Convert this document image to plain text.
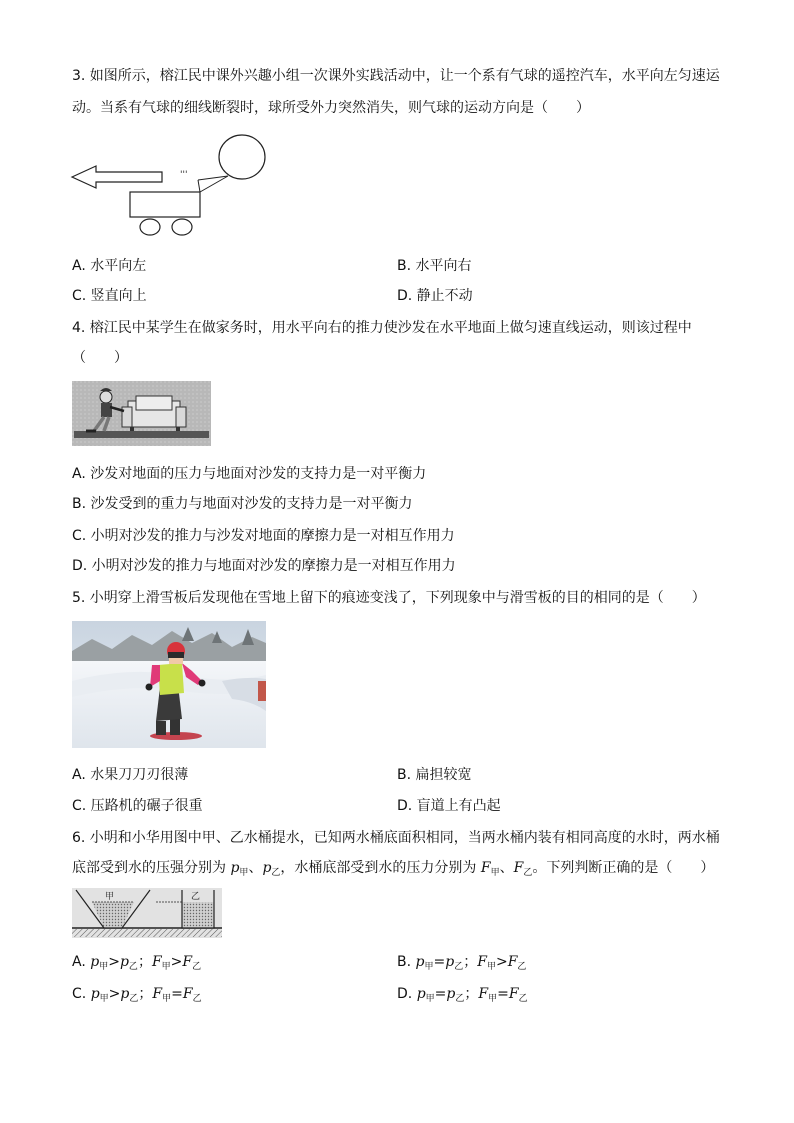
3. 如图所示，榕江民中课外兴趣小组一次课外实践活动中，让一个系有气球的遥控汽车，水平向左匀速运
动。当系有气球的细线断裂时，球所受外力突然消失，则气球的运动方向是（　　）
'''
A. 水平向左	B. 水平向右
C. 竖直向上	D. 静止不动
4. 榕江民中某学生在做家务时，用水平向右的推力使沙发在水平地面上做匀速直线运动，则该过程中
（　　）
A. 沙发对地面的压力与地面对沙发的支持力是一对平衡力
B. 沙发受到的重力与地面对沙发的支持力是一对平衡力
C. 小明对沙发的推力与沙发对地面的摩擦力是一对相互作用力
D. 小明对沙发的推力与地面对沙发的摩擦力是一对相互作用力
5. 小明穿上滑雪板后发现他在雪地上留下的痕迹变浅了，下列现象中与滑雪板的目的相同的是（　　）
A. 水果刀刀刃很薄	B. 扁担较宽
C. 压路机的碾子很重	D. 盲道上有凸起
6. 小明和小华用图中甲、乙水桶提水，已知两水桶底面积相同，当两水桶内装有相同高度的水时，两水桶
底部受到水的压强分别为 $p_甲$、$p_乙$，水桶底部受到水的压力分别为 $F_甲$、$F_乙$。下列判断正确的是（　　）
甲	乙
A. $p_甲>p_乙$；$F_甲>F_乙$	B. $p_甲=p_乙$；$F_甲>F_乙$
C. $p_甲>p_乙$；$F_甲=F_乙$	D. $p_甲=p_乙$；$F_甲=F_乙$
